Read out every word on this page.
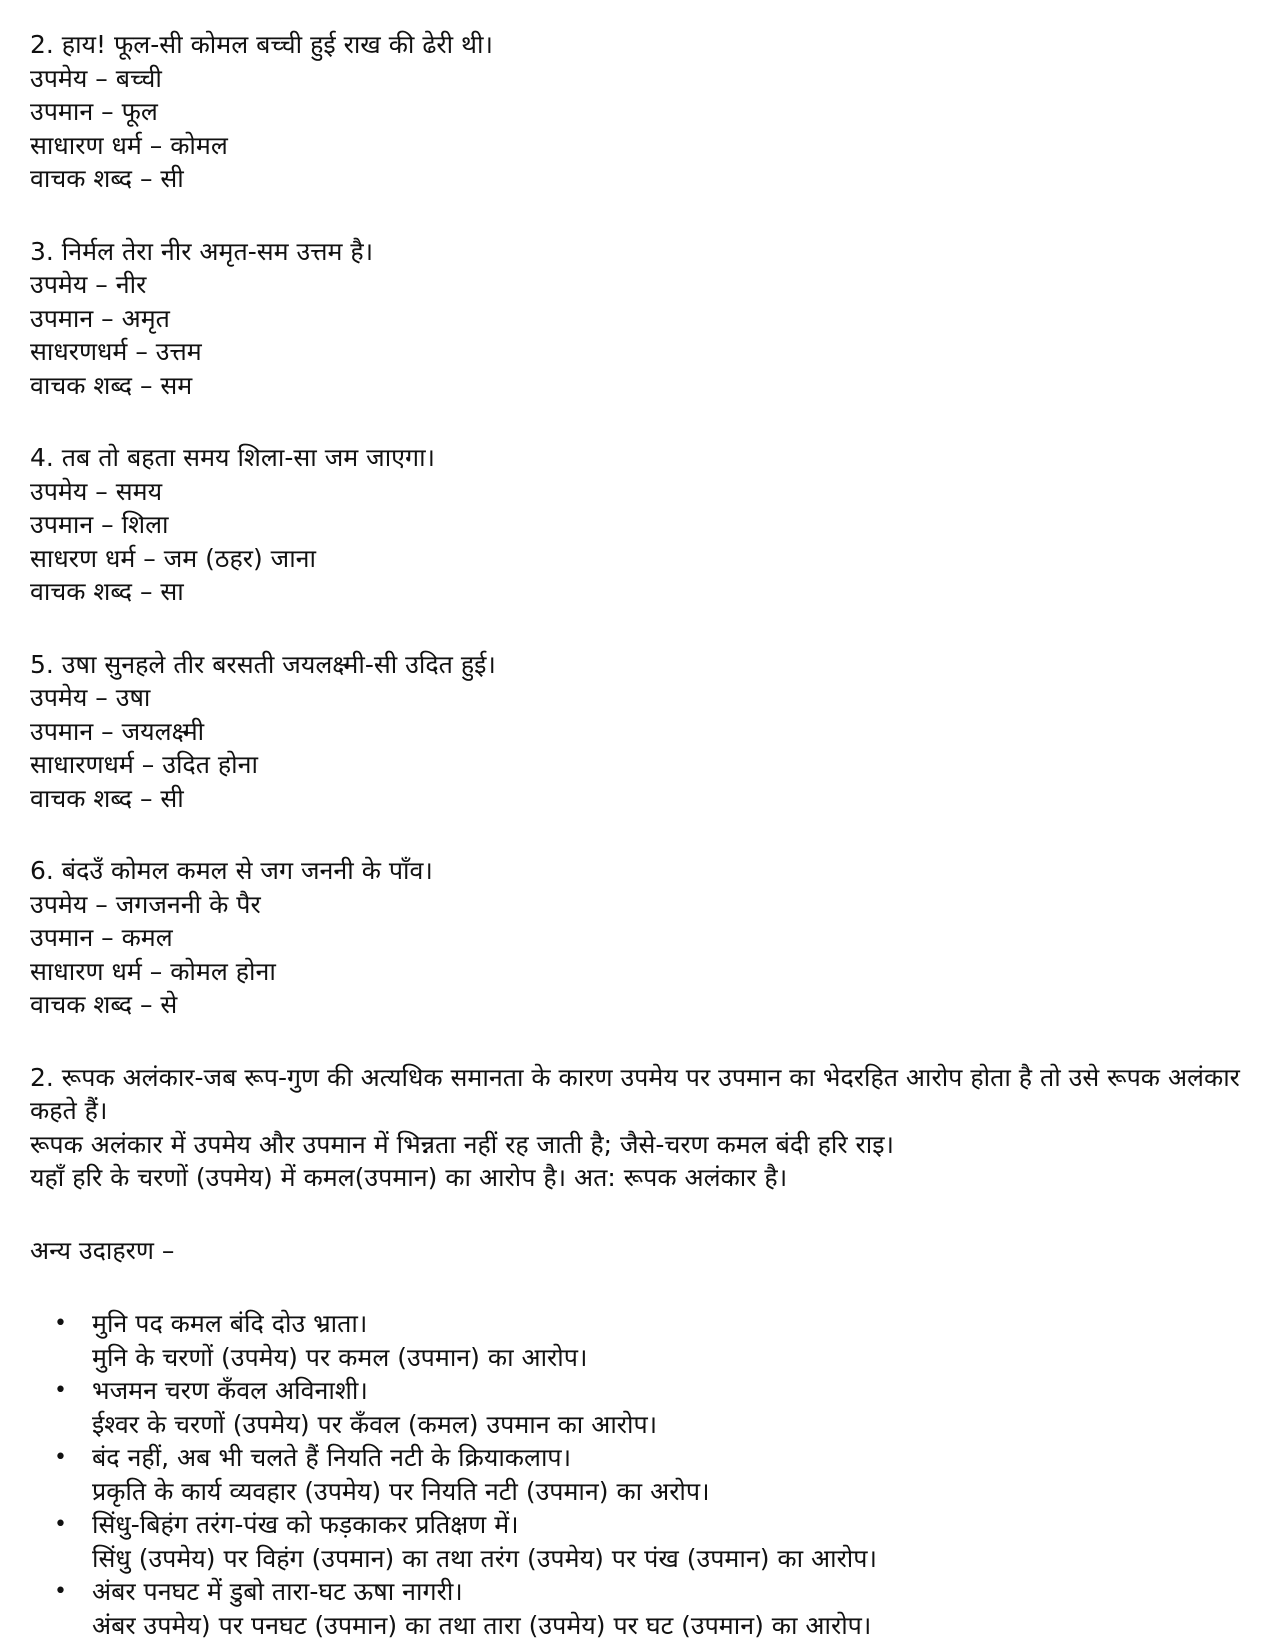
2. हाय! फूल-सी कोमल बच्ची हुई राख की ढेरी थी।
उपमेय – बच्ची
उपमान – फूल
साधारण धर्म – कोमल
वाचक शब्द – सी
3. निर्मल तेरा नीर अमृत-सम उत्तम है।
उपमेय – नीर
उपमान – अमृत
साधरणधर्म – उत्तम
वाचक शब्द – सम
4. तब तो बहता समय शिला-सा जम जाएगा।
उपमेय – समय
उपमान – शिला
साधरण धर्म – जम (ठहर) जाना
वाचक शब्द – सा
5. उषा सुनहले तीर बरसती जयलक्ष्मी-सी उदित हुई।
उपमेय – उषा
उपमान – जयलक्ष्मी
साधारणधर्म – उदित होना
वाचक शब्द – सी
6. बंदउँ कोमल कमल से जग जननी के पाँव।
उपमेय – जगजननी के पैर
उपमान – कमल
साधारण धर्म – कोमल होना
वाचक शब्द – से
2. रूपक अलंकार-जब रूप-गुण की अत्यधिक समानता के कारण उपमेय पर उपमान का भेदरहित आरोप होता है तो उसे रूपक अलंकार कहते हैं।
रूपक अलंकार में उपमेय और उपमान में भिन्नता नहीं रह जाती है; जैसे-चरण कमल बंदी हरि राइ।
यहाँ हरि के चरणों (उपमेय) में कमल(उपमान) का आरोप है। अत: रूपक अलंकार है।
अन्य उदाहरण –
• मुनि पद कमल बंदि दोउ भ्राता।
मुनि के चरणों (उपमेय) पर कमल (उपमान) का आरोप।
• भजमन चरण कँवल अविनाशी।
ईश्वर के चरणों (उपमेय) पर कँवल (कमल) उपमान का आरोप।
• बंद नहीं, अब भी चलते हैं नियति नटी के क्रियाकलाप।
प्रकृति के कार्य व्यवहार (उपमेय) पर नियति नटी (उपमान) का अरोप।
• सिंधु-बिहंग तरंग-पंख को फड़काकर प्रतिक्षण में।
सिंधु (उपमेय) पर विहंग (उपमान) का तथा तरंग (उपमेय) पर पंख (उपमान) का आरोप।
• अंबर पनघट में डुबो तारा-घट ऊषा नागरी।
अंबर उपमेय) पर पनघट (उपमान) का तथा तारा (उपमेय) पर घट (उपमान) का आरोप।
